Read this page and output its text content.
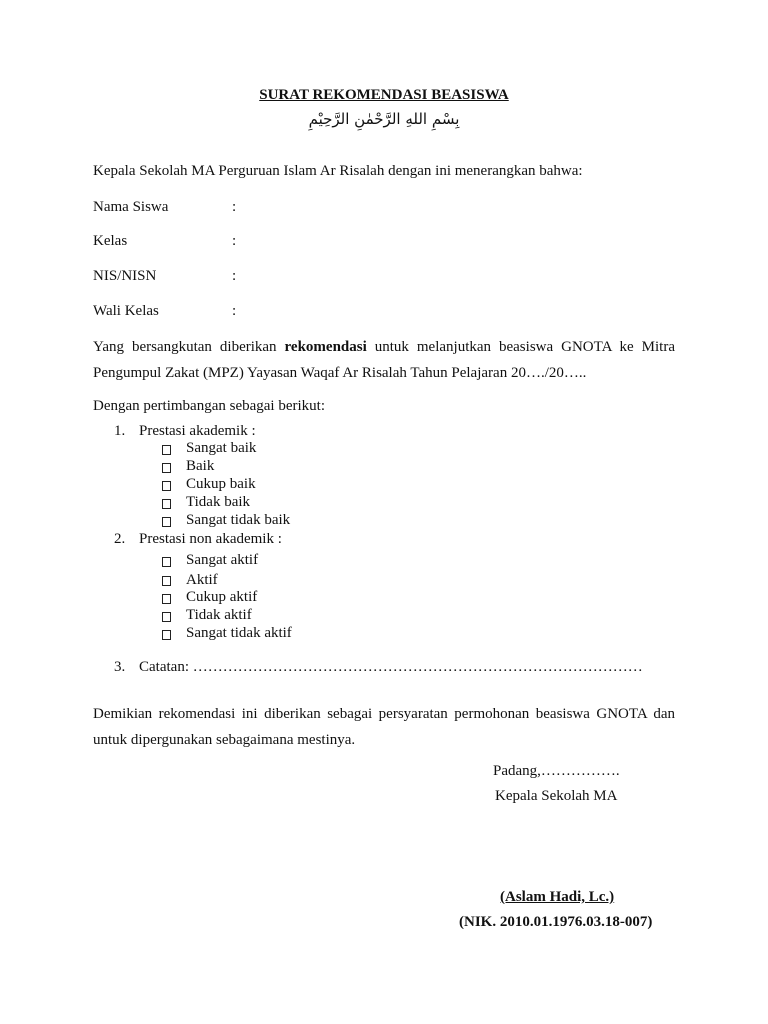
SURAT REKOMENDASI BEASISWA
بِسْمِ اللهِ الرَّحْمٰنِ الرَّحِيْمِ
Kepala Sekolah MA Perguruan Islam Ar Risalah dengan ini menerangkan bahwa:
Nama Siswa	:
Kelas	:
NIS/NISN	:
Wali Kelas	:
Yang bersangkutan diberikan rekomendasi untuk melanjutkan beasiswa GNOTA ke Mitra Pengumpul Zakat (MPZ) Yayasan Waqaf Ar Risalah Tahun Pelajaran 20…./20…..
Dengan pertimbangan sebagai berikut:
1. Prestasi akademik :
Sangat baik
Baik
Cukup baik
Tidak baik
Sangat tidak baik
2. Prestasi non akademik :
Sangat aktif
Aktif
Cukup aktif
Tidak aktif
Sangat tidak aktif
3. Catatan: ………………………………………………………………………………
Demikian rekomendasi ini diberikan sebagai persyaratan permohonan beasiswa GNOTA dan untuk dipergunakan sebagaimana mestinya.
Padang,…………….
Kepala Sekolah MA
(Aslam Hadi, Lc.)
(NIK. 2010.01.1976.03.18-007)
